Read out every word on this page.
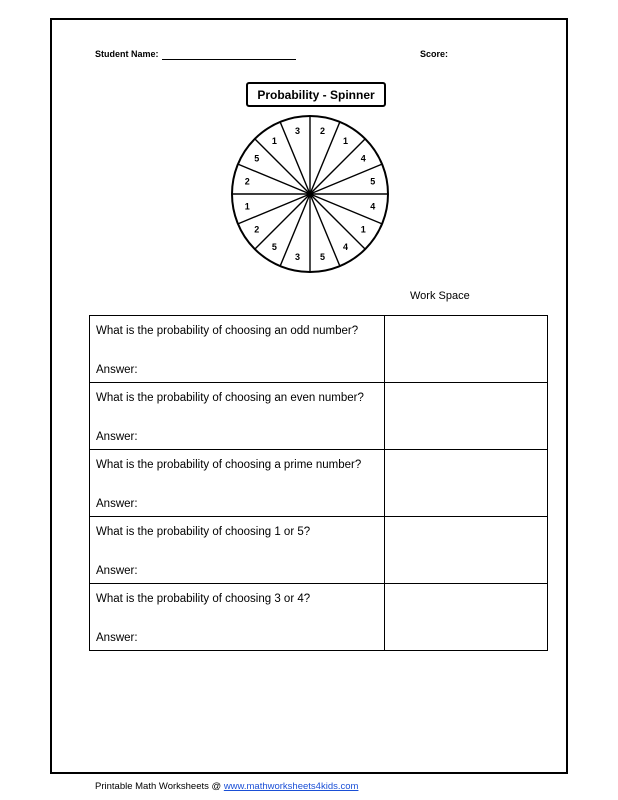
Student Name:	Score:
Probability - Spinner
2
1
4
5
4
1
4
5
3
5
2
1
2
5
1
3
Work Space
What is the probability of choosing an odd number?
Answer:	

What is the probability of choosing an even number?
Answer:	

What is the probability of choosing a prime number?
Answer:	

What is the probability of choosing 1 or 5?
Answer:	

What is the probability of choosing 3 or 4?
Answer:	

Printable Math Worksheets @ www.mathworksheets4kids.com
